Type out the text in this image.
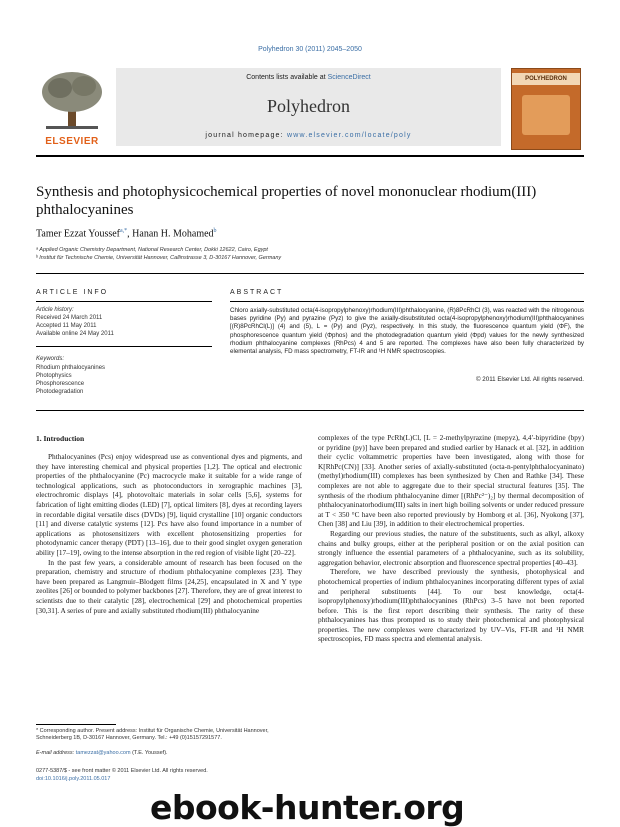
Polyhedron 30 (2011) 2045–2050
ELSEVIER
Contents lists available at ScienceDirect
Polyhedron
journal homepage: www.elsevier.com/locate/poly
POLYHEDRON
Synthesis and photophysicochemical properties of novel mononuclear rhodium(III) phthalocyanines
Tamer Ezzat Youssef$^{a,*}$, Hanan H. Mohamed$^b$
ᵃ Applied Organic Chemistry Department, National Research Center, Dokki 12622, Cairo, Egypt
ᵇ Institut für Technische Chemie, Universität Hannover, Callinstrasse 3, D-30167 Hannover, Germany
ARTICLE INFO
Article history:
Received 24 March 2011
Accepted 11 May 2011
Available online 24 May 2011
Keywords:
Rhodium phthalocyanines
Photophysics
Phosphorescence
Photodegradation
ABSTRACT
Chloro axially-substituted octa(4-isopropylphenoxy)rhodium(III)phthalocyanine, (R)8PcRhCl (3), was reacted with the nitrogenous bases pyridine (Py) and pyrazine (Pyz) to give the axially-disubstituted octa(4-isopropylphenoxy)rhodium(III)phthalocyanines [(R)8PcRhCl(L)] (4) and (5), L = (Py) and (Pyz), respectively. In this study, the fluorescence quantum yield (ΦF), the phosphorescence quantum yield (Φphos) and the photodegradation quantum yield (Φpd) values for the newly synthesized rhodium phthalocyanine complexes (RhPcs) 4 and 5 are reported. The complexes have also been fully characterized by elemental analysis, FD mass spectrometry, FT-IR and ¹H NMR spectroscopies.
© 2011 Elsevier Ltd. All rights reserved.
1. Introduction

Phthalocyanines (Pcs) enjoy widespread use as conventional dyes and pigments, and they have interesting chemical and physical properties [1,2]. The optical and electronic properties of the phthalocyanine (Pc) macrocycle make it suitable for a wide range of technological applications, such as photoconductors in xerographic machines [3], electrochromic displays [4], photovoltaic materials in solar cells [5,6], systems for fabrication of light emitting diodes (LED) [7], optical limiters [8], dyes at recording layers in recordable digital versatile discs (DVDs) [9], liquid crystalline [10] organic conductors [11] and diverse catalytic systems [12]. Pcs have also found importance in a number of applications as photosensitizers with excellent photosensitizing properties for photodynamic cancer therapy (PDT) [13–16], due to their good singlet oxygen generation ability [17–19], owing to the intense absorption in the red region of visible light [20–22].

In the past few years, a considerable amount of research has been focused on the preparation, chemistry and structure of rhodium phthalocyanine complexes [23]. They have been prepared as Langmuir–Blodgett films [24,25], encapsulated in X and Y type zeolites [26] or bounded to polymer backbones [27]. Therefore, they are of great interest to scientists due to their catalytic [28], electrochemical [29] and photochemical properties [30,31]. A series of pure and axially substituted rhodium(III) phthalocyanine

complexes of the type PcRh(L)Cl, [L = 2-methylpyrazine (mepyz), 4,4′-bipyridine (bpy) or pyridine (py)] have been prepared and studied earlier by Hanack et al. [32], in addition their cyclic voltammetric properties have been investigated, along with those for K[RhPc(CN)] [33]. Another series of axially-substituted (octa-n-pentylphthalocyaninato)(methyl)rhodium(III) complexes has been synthesized by Chen and Rathke [34]. These complexes are not able to aggregate due to their special structural features [35]. The synthesis of the rhodium phthalocyanine dimer [(RhPc²⁻)₂] by thermal decomposition of phthalocyaninatorhodium(III) salts in inert high boiling solvents or under reduced pressure at T < 350 °C have been also reported previously by Homborg et al. [36], Nyokong [37], Chen [38] and Liu [39], in addition to their electrochemical properties.

Regarding our previous studies, the nature of the substituents, such as alkyl, alkoxy chains and bulky groups, either at the peripheral position or on the axial position can strongly influence the essential parameters of a phthalocyanine, such as its solubility, aggregation behavior, electronic absorption and fluorescence spectral properties [40–43].

Therefore, we have described previously the synthesis, photophysical and photochemical properties of indium phthalocyanines incorporating different types of axial and peripheral substituents [44]. To our best knowledge, octa(4-isopropylphenoxy)rhodium(III)phthalocyanines (RhPcs) 3–5 have not been reported before. This is the first report describing their synthesis. The rarity of these phthalocyanines has thus prompted us to study their photochemical and photophysical properties. The new complexes were characterized by UV–Vis, FT-IR and ¹H NMR spectroscopies, FD mass spectra and elemental analysis.

* Corresponding author. Present address: Institut für Organische Chemie, Universität Hannover, Schneiderberg 1B, D-30167 Hannover, Germany. Tel.: +49 (0)15157291577.
E-mail address: tamezzat@yahoo.com (T.E. Youssef).
0277-5387/$ - see front matter © 2011 Elsevier Ltd. All rights reserved.
doi:10.1016/j.poly.2011.05.017
ebook-hunter.org
